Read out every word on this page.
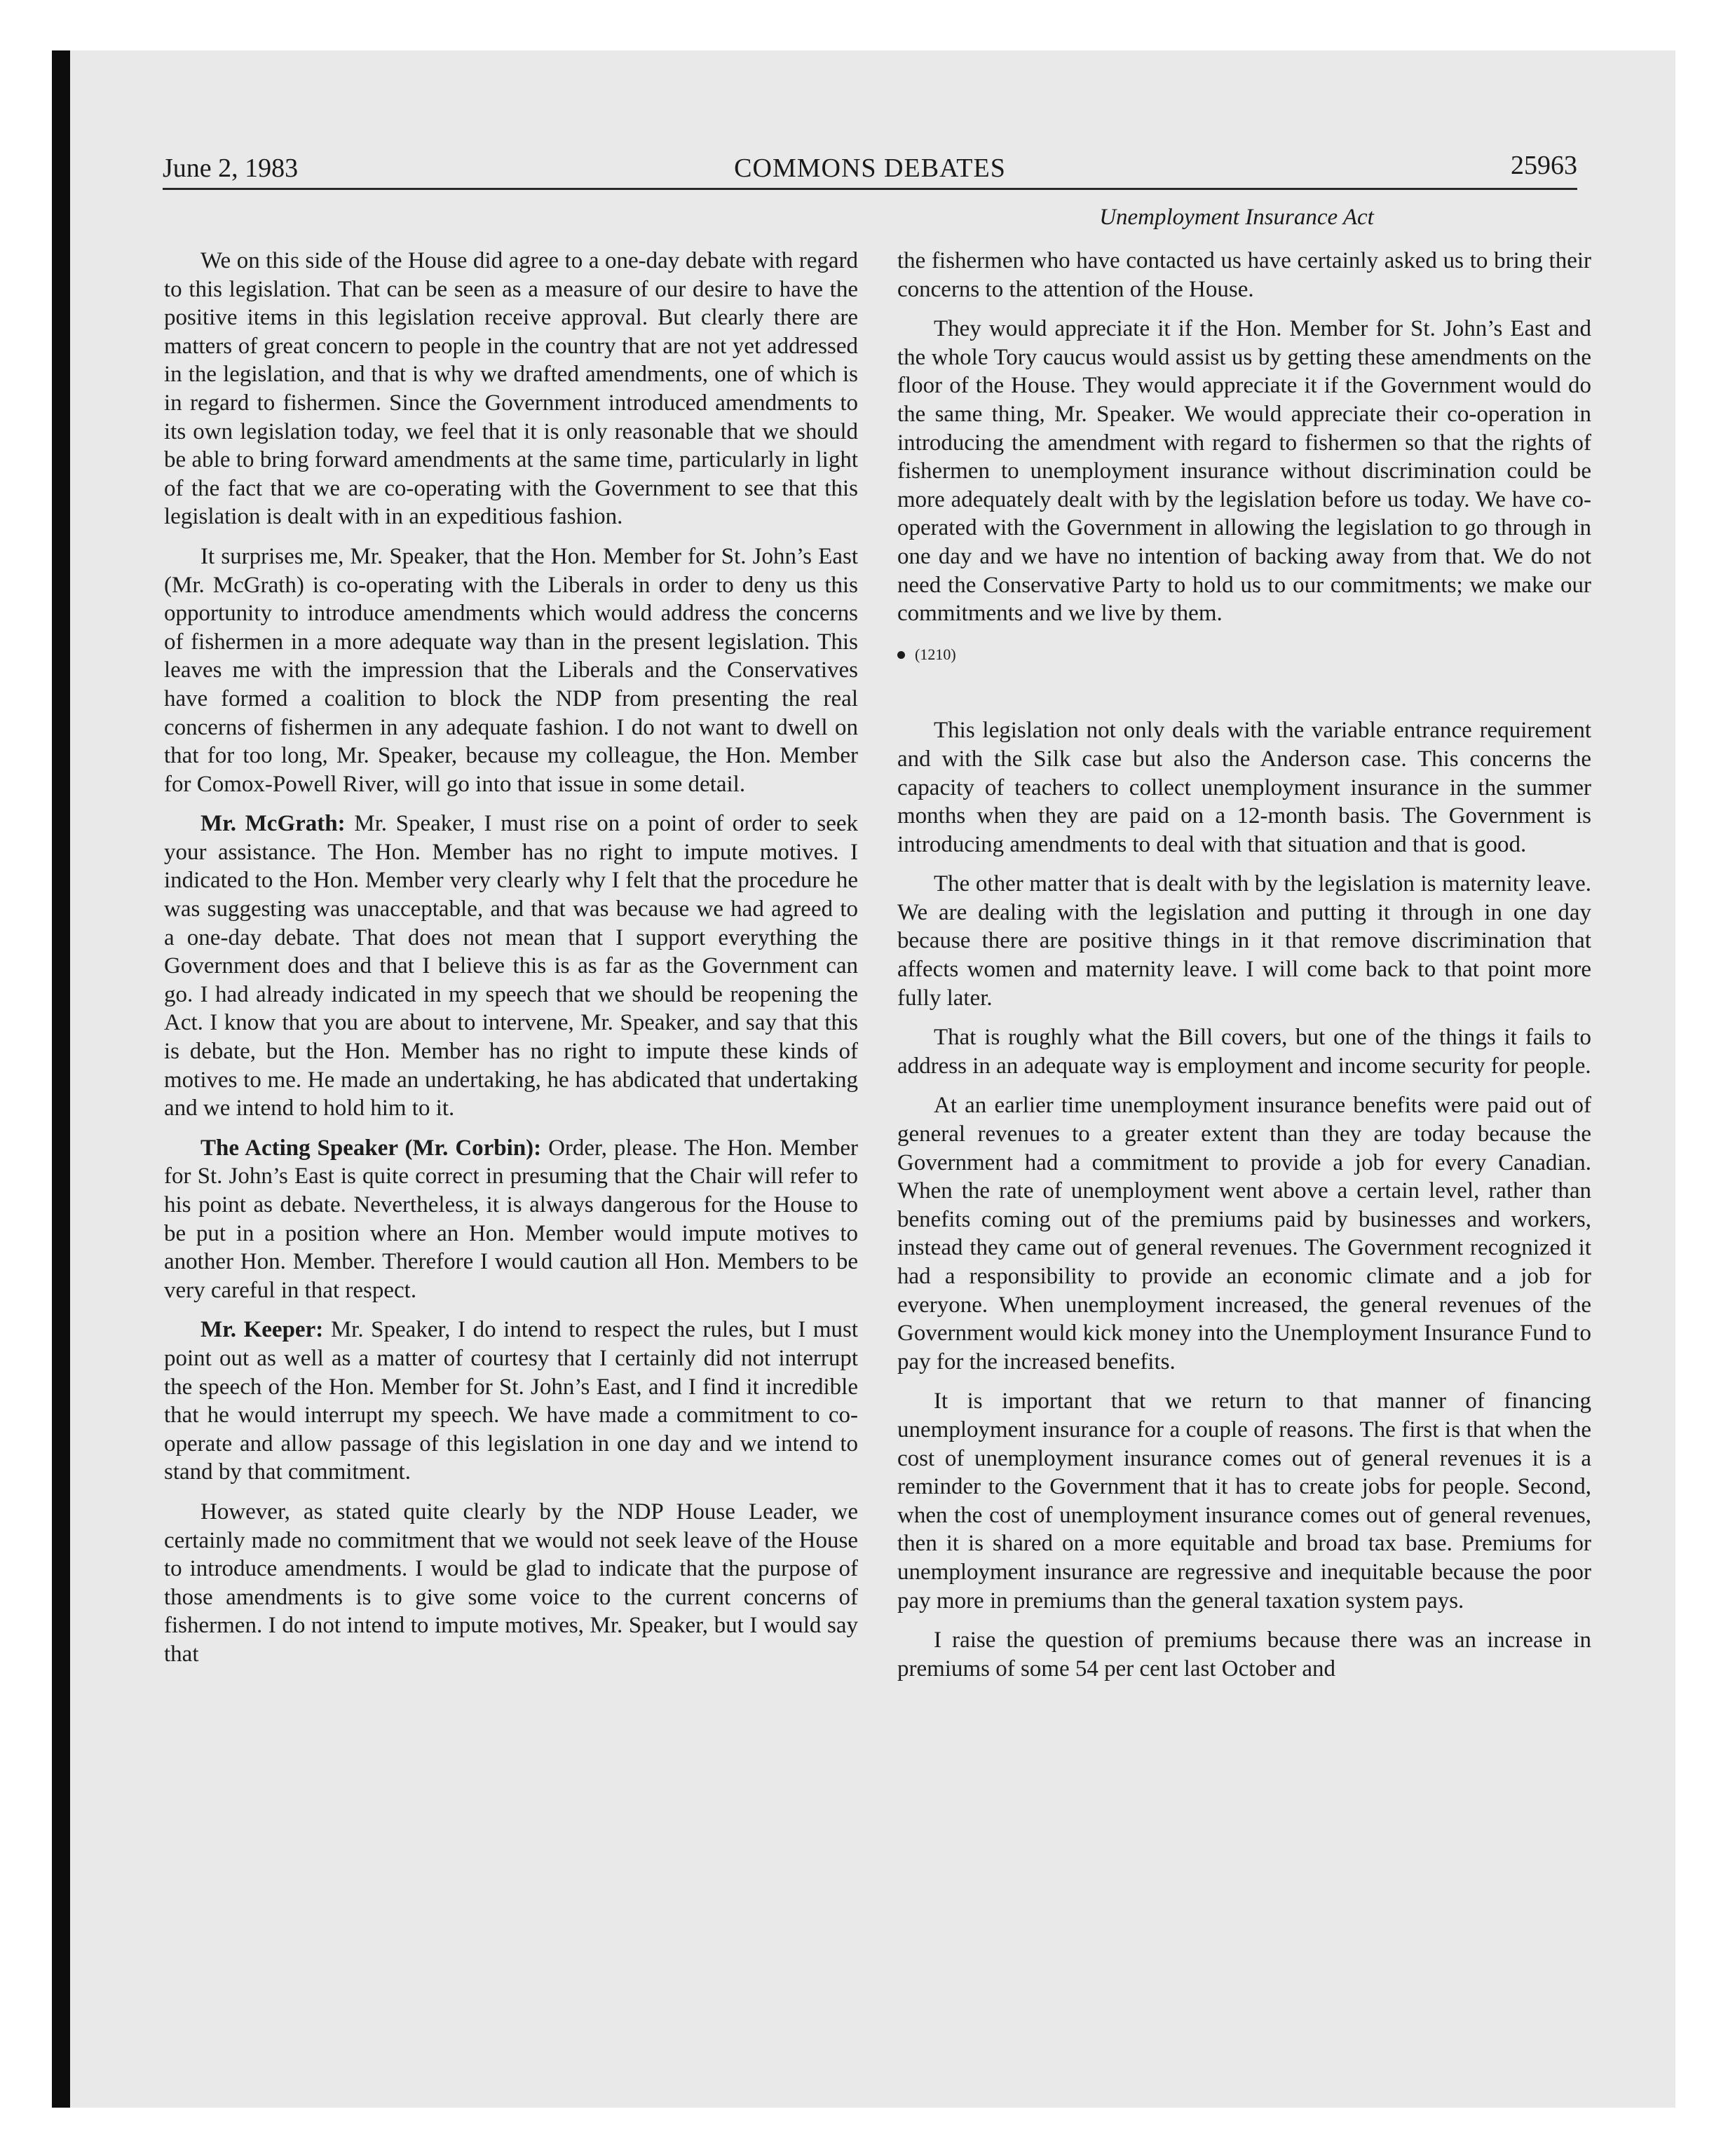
June 2, 1983	COMMONS DEBATES	25963
Unemployment Insurance Act

We on this side of the House did agree to a one-day debate with regard to this legislation. That can be seen as a measure of our desire to have the positive items in this legislation receive approval. But clearly there are matters of great concern to people in the country that are not yet addressed in the legislation, and that is why we drafted amendments, one of which is in regard to fishermen. Since the Government introduced amendments to its own legislation today, we feel that it is only reasonable that we should be able to bring forward amendments at the same time, particularly in light of the fact that we are co-operating with the Government to see that this legislation is dealt with in an expeditious fashion.

It surprises me, Mr. Speaker, that the Hon. Member for St. John’s East (Mr. McGrath) is co-operating with the Liberals in order to deny us this opportunity to introduce amendments which would address the concerns of fishermen in a more adequate way than in the present legislation. This leaves me with the impression that the Liberals and the Conservatives have formed a coalition to block the NDP from presenting the real concerns of fishermen in any adequate fashion. I do not want to dwell on that for too long, Mr. Speaker, because my colleague, the Hon. Member for Comox-Powell River, will go into that issue in some detail.

Mr. McGrath: Mr. Speaker, I must rise on a point of order to seek your assistance. The Hon. Member has no right to impute motives. I indicated to the Hon. Member very clearly why I felt that the procedure he was suggesting was unacceptable, and that was because we had agreed to a one-day debate. That does not mean that I support everything the Government does and that I believe this is as far as the Government can go. I had already indicated in my speech that we should be reopening the Act. I know that you are about to intervene, Mr. Speaker, and say that this is debate, but the Hon. Member has no right to impute these kinds of motives to me. He made an undertaking, he has abdicated that undertaking and we intend to hold him to it.

The Acting Speaker (Mr. Corbin): Order, please. The Hon. Member for St. John’s East is quite correct in presuming that the Chair will refer to his point as debate. Nevertheless, it is always dangerous for the House to be put in a position where an Hon. Member would impute motives to another Hon. Member. Therefore I would caution all Hon. Members to be very careful in that respect.

Mr. Keeper: Mr. Speaker, I do intend to respect the rules, but I must point out as well as a matter of courtesy that I certainly did not interrupt the speech of the Hon. Member for St. John’s East, and I find it incredible that he would interrupt my speech. We have made a commitment to co-operate and allow passage of this legislation in one day and we intend to stand by that commitment.

However, as stated quite clearly by the NDP House Leader, we certainly made no commitment that we would not seek leave of the House to introduce amendments. I would be glad to indicate that the purpose of those amendments is to give some voice to the current concerns of fishermen. I do not intend to impute motives, Mr. Speaker, but I would say that

the fishermen who have contacted us have certainly asked us to bring their concerns to the attention of the House.

They would appreciate it if the Hon. Member for St. John’s East and the whole Tory caucus would assist us by getting these amendments on the floor of the House. They would appreciate it if the Government would do the same thing, Mr. Speaker. We would appreciate their co-operation in introducing the amendment with regard to fishermen so that the rights of fishermen to unemployment insurance without discrimination could be more adequately dealt with by the legislation before us today. We have co-operated with the Government in allowing the legislation to go through in one day and we have no intention of backing away from that. We do not need the Conservative Party to hold us to our commitments; we make our commitments and we live by them.

(1210)

This legislation not only deals with the variable entrance requirement and with the Silk case but also the Anderson case. This concerns the capacity of teachers to collect unemployment insurance in the summer months when they are paid on a 12-month basis. The Government is introducing amendments to deal with that situation and that is good.

The other matter that is dealt with by the legislation is maternity leave. We are dealing with the legislation and putting it through in one day because there are positive things in it that remove discrimination that affects women and maternity leave. I will come back to that point more fully later.

That is roughly what the Bill covers, but one of the things it fails to address in an adequate way is employment and income security for people.

At an earlier time unemployment insurance benefits were paid out of general revenues to a greater extent than they are today because the Government had a commitment to provide a job for every Canadian. When the rate of unemployment went above a certain level, rather than benefits coming out of the premiums paid by businesses and workers, instead they came out of general revenues. The Government recognized it had a responsibility to provide an economic climate and a job for everyone. When unemployment increased, the general revenues of the Government would kick money into the Unemployment Insurance Fund to pay for the increased benefits.

It is important that we return to that manner of financing unemployment insurance for a couple of reasons. The first is that when the cost of unemployment insurance comes out of general revenues it is a reminder to the Government that it has to create jobs for people. Second, when the cost of unemployment insurance comes out of general revenues, then it is shared on a more equitable and broad tax base. Premiums for unemployment insurance are regressive and inequitable because the poor pay more in premiums than the general taxation system pays.

I raise the question of premiums because there was an increase in premiums of some 54 per cent last October and
